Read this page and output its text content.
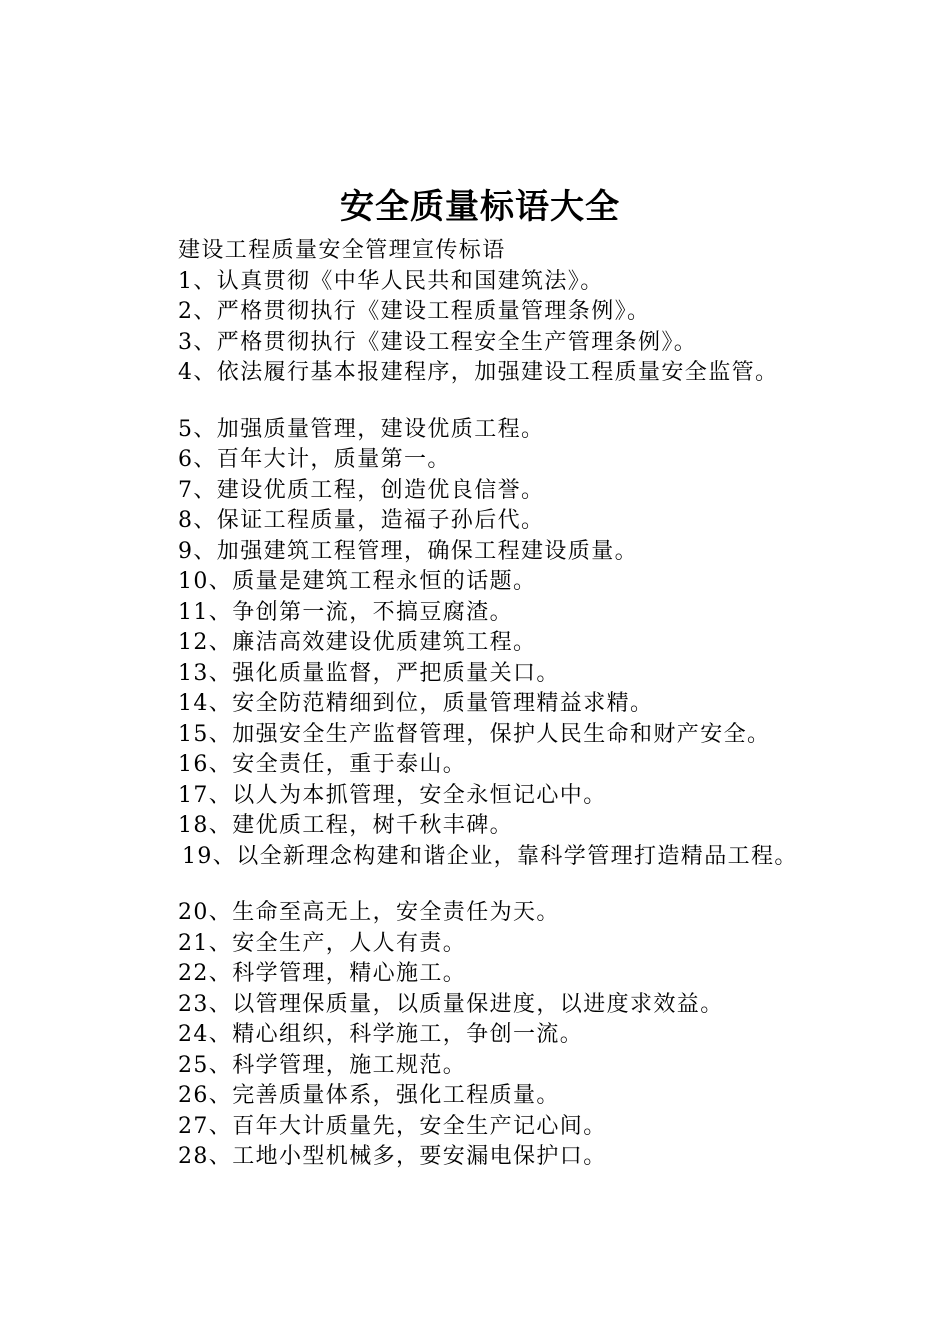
安全质量标语大全
建设工程质量安全管理宣传标语
1、认真贯彻《中华人民共和国建筑法》。
2、严格贯彻执行《建设工程质量管理条例》。
3、严格贯彻执行《建设工程安全生产管理条例》。
4、依法履行基本报建程序，加强建设工程质量安全监管。
5、加强质量管理，建设优质工程。
6、百年大计，质量第一。
7、建设优质工程，创造优良信誉。
8、保证工程质量，造福子孙后代。
9、加强建筑工程管理，确保工程建设质量。
10、质量是建筑工程永恒的话题。
11、争创第一流，不搞豆腐渣。
12、廉洁高效建设优质建筑工程。
13、强化质量监督，严把质量关口。
14、安全防范精细到位，质量管理精益求精。
15、加强安全生产监督管理，保护人民生命和财产安全。
16、安全责任，重于泰山。
17、以人为本抓管理，安全永恒记心中。
18、建优质工程，树千秋丰碑。
19、以全新理念构建和谐企业，靠科学管理打造精品工程。
20、生命至高无上，安全责任为天。
21、安全生产，人人有责。
22、科学管理，精心施工。
23、以管理保质量，以质量保进度，以进度求效益。
24、精心组织，科学施工，争创一流。
25、科学管理，施工规范。
26、完善质量体系，强化工程质量。
27、百年大计质量先，安全生产记心间。
28、工地小型机械多，要安漏电保护口。
